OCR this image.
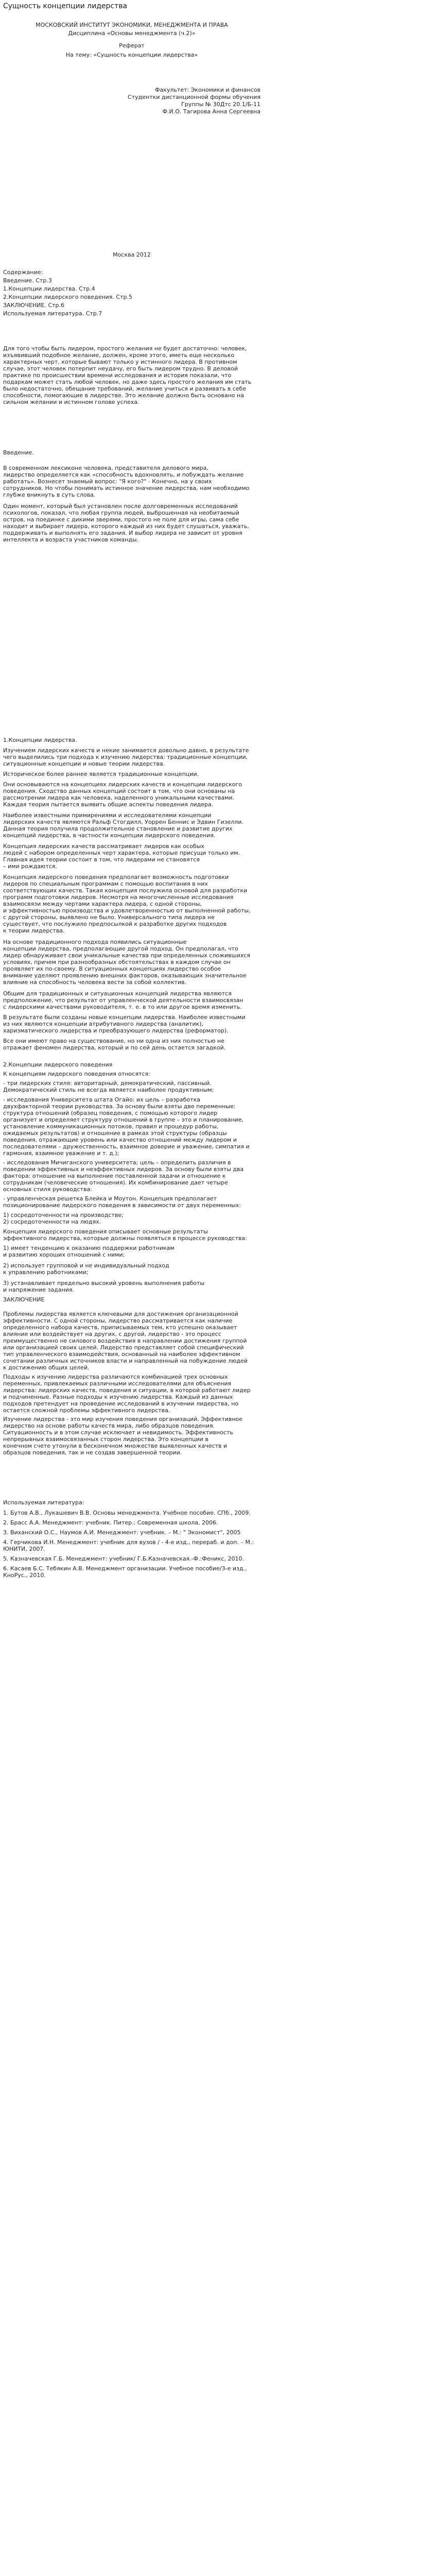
Сущность концепции лидерства
МОСКОВСКИЙ ИНСТИТУТ ЭКОНОМИКИ, МЕНЕДЖМЕНТА И ПРАВА
Дисциплина «Основы менеджмента (ч.2)»
Реферат
На тему: «Сущность концепции лидерства»
Факультет: Экономики и финансов
Студентки дистанционной формы обучения
Группы № 30Дтс 20.1/Б-11
Ф.И.О. Тагирова Анна Сергеевна
Москва 2012
Содержание:

Введение. Стр.3

1.Концепции лидерства. Стр.4

2.Концепции лидерского поведения. Стр.5

ЗАКЛЮЧЕНИЕ. Стр.6

Используемая литература. Стр.7

Для того чтобы быть лидером, простого желания не будет достаточно: человек,

изъявивший подобное желание, должен, кроме этого, иметь еще несколько

характерных черт, которые бывают только у истинного лидера. В противном

случае, этот человек потерпит неудачу, его быть лидером трудно. В деловой

практике по происшествии времени исследования и история показали, что

подаркам может стать любой человек, но даже здесь простого желания им стать

было недостаточно, обещание требований, желание учиться и развивать в себе

способности, помогающие в лидерстве. Это желание должно быть основано на

сильном желании и истинном голове успеха.

Введение.

В современном лексиконе человека, представителя делового мира,

лидерство определяется как «способность вдохновлять, и побуждать желание

работать». Вознесет знаемый вопрос: "Я кого?" - Конечно, на у своих

сотрудников. Но чтобы понимать истинное значение лидерства, нам необходимо

глубже вникнуть в суть слова.

Один момент, который был установлен после долговременных исследований

психологов, показал, что любая группа людей, выброшенная на необитаемый

остров, на поединке с дикими зверями, простого не поле для игры, сама себе

находит и выбирает лидера, которого каждый из них будет слушаться, уважать,

поддерживать и выполнять его задания. И выбор лидера не зависит от уровня

интеллекта и возраста участников команды.

1.Концепции лидерства.

Изучением лидерских качеств и некие занимается довольно давно, в результате

чего выделились три подхода к изучению лидерства: традиционные концепции,

ситуационные концепции и новые теории лидерства.

Историческое более раннее является традиционные концепции.

Они основываются на концепциях лидерских качеств и концепции лидерского

поведения. Сходство данных концепций состоит в том, что они основаны на

рассмотрении лидера как человека, наделенного уникальными качествами.

Каждая теория пытается выявить общие аспекты поведения лидера.

Наиболее известными примирениями и исследователями концепции

лидерских качеств являются Ральф Стогдилл, Уоррен Беннис и Эдвин Гизелли.

Данная теория получила продолжительное становление и развитие других

концепций лидерства, в частности концепции лидерского поведения.

Концепция лидерских качеств рассматривает лидеров как особых

людей с набором определенных черт характера, которые присущи только им.

Главная идея теории состоит в том, что лидерами не становятся

– ими рождаются.

Концепция лидерского поведения предполагает возможность подготовки

лидеров по специальным программам с помощью воспитания в них

соответствующих качеств. Такая концепция послужила основой для разработки

программ подготовки лидеров. Несмотря на многочисленные исследования

взаимосвязи между чертами характера лидера, с одной стороны,

и эффективностью производства и удовлетворенностью от выполненной работы,

с другой стороны, выявлено не было. Универсального типа лидера не

существует, что послужило предпосылкой к разработке других подходов

к теории лидерства.

На основе традиционного подхода появились ситуационные

концепции лидерства, предполагающие другой подход. Он предполагал, что

лидер обнаруживает свои уникальные качества при определенных сложившихся

условиях, причем при разнообразных обстоятельствах в каждом случае он

проявляет их по-своему. В ситуационных концепциях лидерство особое

внимание уделяют проявлению внешних факторов, оказывающих значительное

влияние на способность человека вести за собой коллектив.

Общим для традиционных и ситуационных концепций лидерства являются

предположение, что результат от управленческой деятельности взаимосвязан

с лидерскими качествами руководителя, т. е. в то или другое время изменить.

В результате были созданы новые концепции лидерства. Наиболее известными

из них являются концепции атрибутивного лидерства (аналитик),

харизматического лидерства и преобразующего лидерства (реформатор).

Все они имеют право на существование, но ни одна из них полностью не

отражает феномен лидерства, который и по сей день остается загадкой.

2.Концепции лидерского поведения

К концепциям лидерского поведения относятся:

- три лидерских стиля: авторитарный, демократический, пассивный.

Демократический стиль не всегда является наиболее продуктивным;

- исследования Университета штата Огайо: их цель – разработка

двухфакторной теории руководства. За основу были взяты две переменные:

структура отношений (образец поведения, с помощью которого лидер

организует и определяет структуру отношений в группе – это и планирование,

установление коммуникационных потоков, правил и процедур работы,

ожидаемых результатов) и отношение в рамках этой структуры (образцы

поведения, отражающие уровень или качество отношений между лидером и

последователями – дружественность, взаимное доверие и уважение, симпатия и

гармония, взаимное уважение и т. д.);

- исследования Мичиганского университета; цель – определить различия в

поведении эффективных и неэффективных лидеров. За основу были взяты два

фактора: отношение на выполнение поставленной задачи и отношение к

сотрудникам (человеческие отношения). Их комбинирование дает четыре

основных стиля руководства:

- управленческая решетка Блейка и Моутон. Концепция предполагает

позиционирование лидерского поведения в зависимости от двух переменных:

1) сосредоточенности на производстве;

2) сосредоточенности на людях.

Концепция лидерского поведения описывает основные результаты

эффективного лидерства, которые должны появляться в процессе руководства:

1) имеет тенденцию к оказанию поддержки работникам

и развитию хороших отношений с ними;

2) использует групповой и не индивидуальный подход

к управлению работниками;

3) устанавливает предельно высокий уровень выполнения работы

и напряжение задания.

ЗАКЛЮЧЕНИЕ

Проблемы лидерства является ключевыми для достижения организационной

эффективности. С одной стороны, лидерство рассматривается как наличие

определенного набора качеств, приписываемых тем, кто успешно оказывает

влияние или воздействует на других, с другой, лидерство - это процесс

преимущественно не силового воздействия в направлении достижения группой

или организацией своих целей. Лидерство представляет собой специфический

тип управленческого взаимодействия, основанный на наиболее эффективном

сочетании различных источников власти и направленный на побуждение людей

к достижению общих целей.

Подходы к изучению лидерства различаются комбинацией трех основных

переменных, привлекаемых различными исследователями для объяснения

лидерства: лидерских качеств, поведения и ситуации, в которой работают лидер

и подчиненные. Разные подходы к изучению лидерства. Каждый из данных

подходов претендует на проведение исследований в изучении лидерства, но

остается сложной проблемы эффективного лидерства.

Изучение лидерства - это мир изучения поведения организаций. Эффективное

лидерство на основе работы качеств мира, либо образцов поведения.

Ситуационность и в этом случае исключает и невидимость. Эффективность

непрерывных взаимосвязанных сторон лидерства. Это концепции в

конечном счете утонули в бесконечном множестве выявленных качеств и

образцов поведения, так и не создав завершенной теории.

Используемая литература:

1. Бутов А.В., Лукашевич В.В. Основы менеджмента. Учебное пособие. СПб., 2009.

2. Брасс А.А. Менеджмент: учебник. Питер.: Современная школа, 2006.

3. Виханский О.С., Наумов А.И. Менеджмент: учебник. – М.: " Экономист", 2005

4. Герчикова И.Н. Менеджмент: учебник для вузов / - 4-е изд., перераб. и доп. – М.: ЮНИТИ, 2007.

5. Казначевская Г.Б. Менеджмент: учебник/ Г.Б.Казначевская.-Ф.:Феникс, 2010.

6. Касаев Б.С. Тебякин А.В. Менеджмент организации. Учебное пособие/3-е изд., КноРус., 2010.
